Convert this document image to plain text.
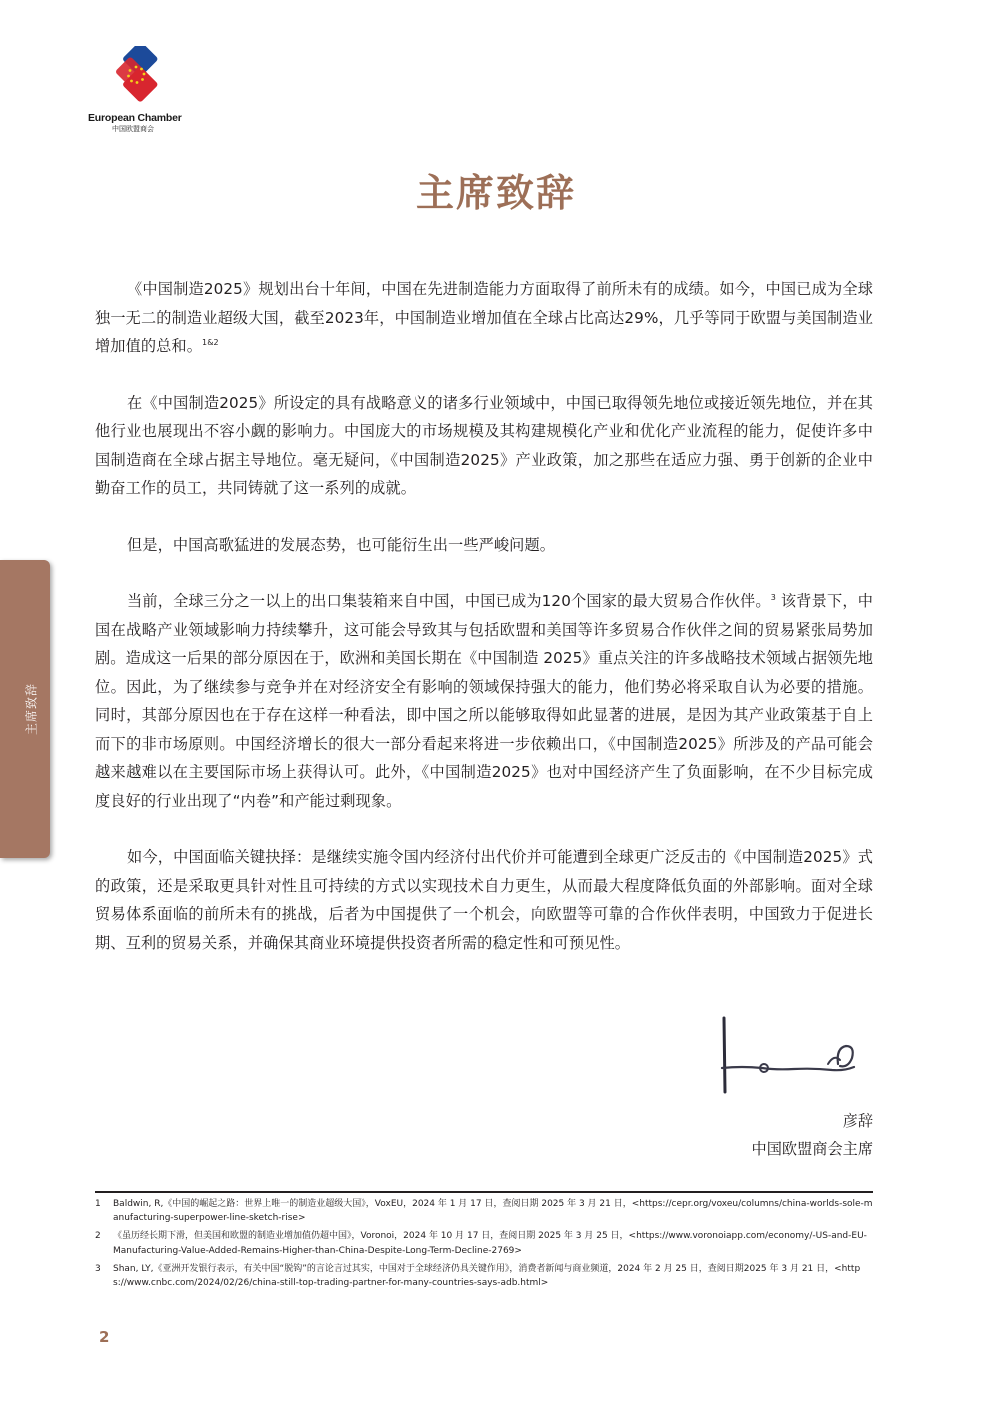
European Chamber
中国欧盟商会
主席致辞
主席致辞

《中国制造2025》规划出台十年间，中国在先进制造能力方面取得了前所未有的成绩。如今，中国已成为全球独一无二的制造业超级大国，截至2023年，中国制造业增加值在全球占比高达29%，几乎等同于欧盟与美国制造业增加值的总和。$^{1\&2}$

在《中国制造2025》所设定的具有战略意义的诸多行业领域中，中国已取得领先地位或接近领先地位，并在其他行业也展现出不容小觑的影响力。中国庞大的市场规模及其构建规模化产业和优化产业流程的能力，促使许多中国制造商在全球占据主导地位。毫无疑问，《中国制造2025》产业政策，加之那些在适应力强、勇于创新的企业中勤奋工作的员工，共同铸就了这一系列的成就。

但是，中国高歌猛进的发展态势，也可能衍生出一些严峻问题。

当前，全球三分之一以上的出口集装箱来自中国，中国已成为120个国家的最大贸易合作伙伴。$^3$ 该背景下，中国在战略产业领域影响力持续攀升，这可能会导致其与包括欧盟和美国等许多贸易合作伙伴之间的贸易紧张局势加剧。造成这一后果的部分原因在于，欧洲和美国长期在《中国制造 2025》重点关注的许多战略技术领域占据领先地位。因此，为了继续参与竞争并在对经济安全有影响的领域保持强大的能力，他们势必将采取自认为必要的措施。同时，其部分原因也在于存在这样一种看法，即中国之所以能够取得如此显著的进展，是因为其产业政策基于自上而下的非市场原则。中国经济增长的很大一部分看起来将进一步依赖出口，《中国制造2025》所涉及的产品可能会越来越难以在主要国际市场上获得认可。此外，《中国制造2025》也对中国经济产生了负面影响，在不少目标完成度良好的行业出现了“内卷”和产能过剩现象。

如今，中国面临关键抉择：是继续实施令国内经济付出代价并可能遭到全球更广泛反击的《中国制造2025》式的政策，还是采取更具针对性且可持续的方式以实现技术自力更生，从而最大程度降低负面的外部影响。面对全球贸易体系面临的前所未有的挑战，后者为中国提供了一个机会，向欧盟等可靠的合作伙伴表明，中国致力于促进长期、互利的贸易关系，并确保其商业环境提供投资者所需的稳定性和可预见性。

彦辞
中国欧盟商会主席
1 Baldwin, R,《中国的崛起之路：世界上唯一的制造业超级大国》，VoxEU，2024 年 1 月 17 日，查阅日期 2025 年 3 月 21 日，<https://cepr.org/voxeu/columns/china-worlds-sole-manufacturing-superpower-line-sketch-rise>
2 《虽历经长期下滑，但美国和欧盟的制造业增加值仍超中国》，Voronoi，2024 年 10 月 17 日，查阅日期 2025 年 3 月 25 日，<https://www.voronoiapp.com/economy/-US-and-EU-Manufacturing-Value-Added-Remains-Higher-than-China-Despite-Long-Term-Decline-2769>
3 Shan, LY,《亚洲开发银行表示，有关中国“脱钩”的言论言过其实，中国对于全球经济仍具关键作用》，消费者新闻与商业频道，2024 年 2 月 25 日，查阅日期2025 年 3 月 21 日，<https://www.cnbc.com/2024/02/26/china-still-top-trading-partner-for-many-countries-says-adb.html>
2
